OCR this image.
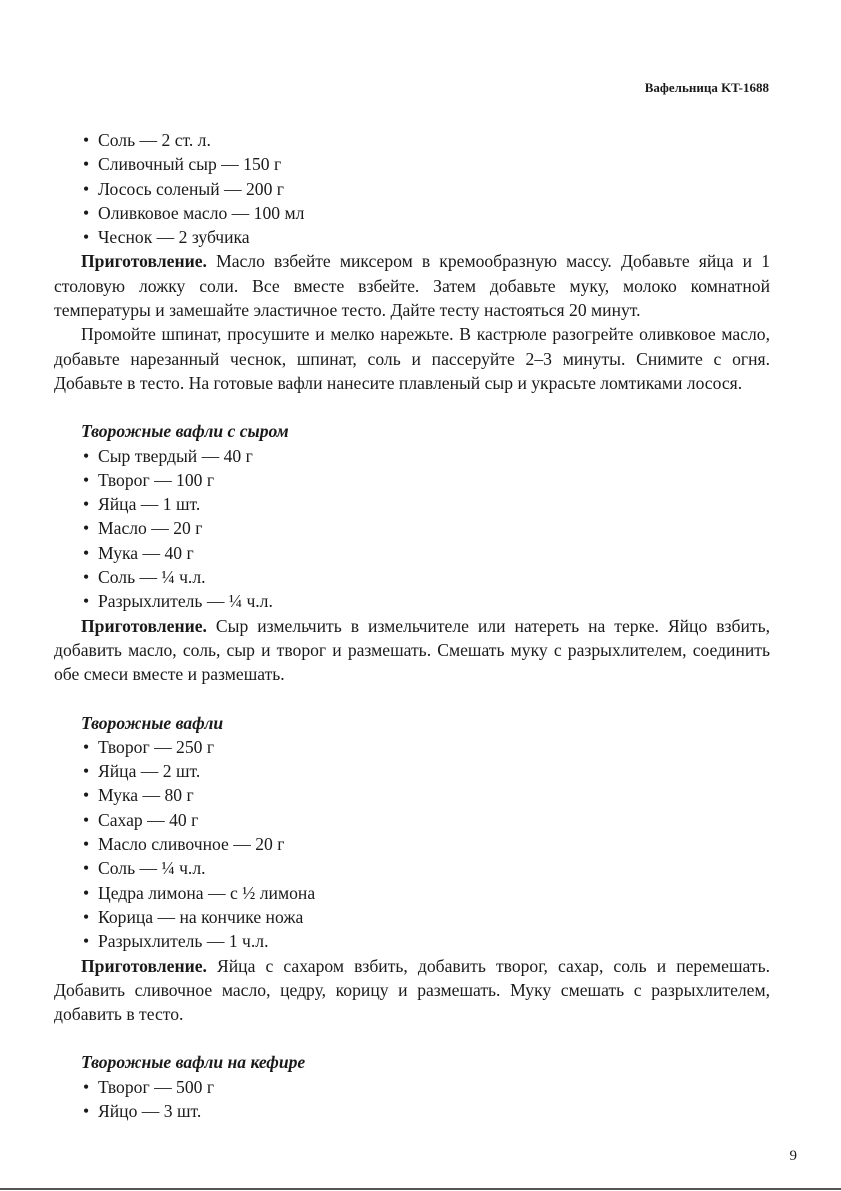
Вафельница KT-1688
• Соль — 2 ст. л.
• Сливочный сыр — 150 г
• Лосось соленый — 200 г
• Оливковое масло — 100 мл
• Чеснок — 2 зубчика

Приготовление. Масло взбейте миксером в кремообразную массу. Добавьте яйца и 1 столовую ложку соли. Все вместе взбейте. Затем добавьте муку, молоко комнатной температуры и замешайте эластичное тесто. Дайте тесту настояться 20 минут.

Промойте шпинат, просушите и мелко нарежьте. В кастрюле разогрейте оливковое масло, добавьте нарезанный чеснок, шпинат, соль и пассеруйте 2–3 минуты. Снимите с огня. Добавьте в тесто. На готовые вафли нанесите плавленый сыр и украсьте ломтиками лосося.

Творожные вафли с сыром
• Сыр твердый — 40 г
• Творог — 100 г
• Яйца — 1 шт.
• Масло — 20 г
• Мука — 40 г
• Соль — ¼ ч.л.
• Разрыхлитель — ¼ ч.л.

Приготовление. Сыр измельчить в измельчителе или натереть на терке. Яйцо взбить, добавить масло, соль, сыр и творог и размешать. Смешать муку с разрыхлителем, соединить обе смеси вместе и размешать.

Творожные вафли
• Творог — 250 г
• Яйца — 2 шт.
• Мука — 80 г
• Сахар — 40 г
• Масло сливочное — 20 г
• Соль — ¼ ч.л.
• Цедра лимона — с ½ лимона
• Корица — на кончике ножа
• Разрыхлитель — 1 ч.л.

Приготовление. Яйца с сахаром взбить, добавить творог, сахар, соль и перемешать. Добавить сливочное масло, цедру, корицу и размешать. Муку смешать с разрыхлителем, добавить в тесто.

Творожные вафли на кефире
• Творог — 500 г
• Яйцо — 3 шт.
9
